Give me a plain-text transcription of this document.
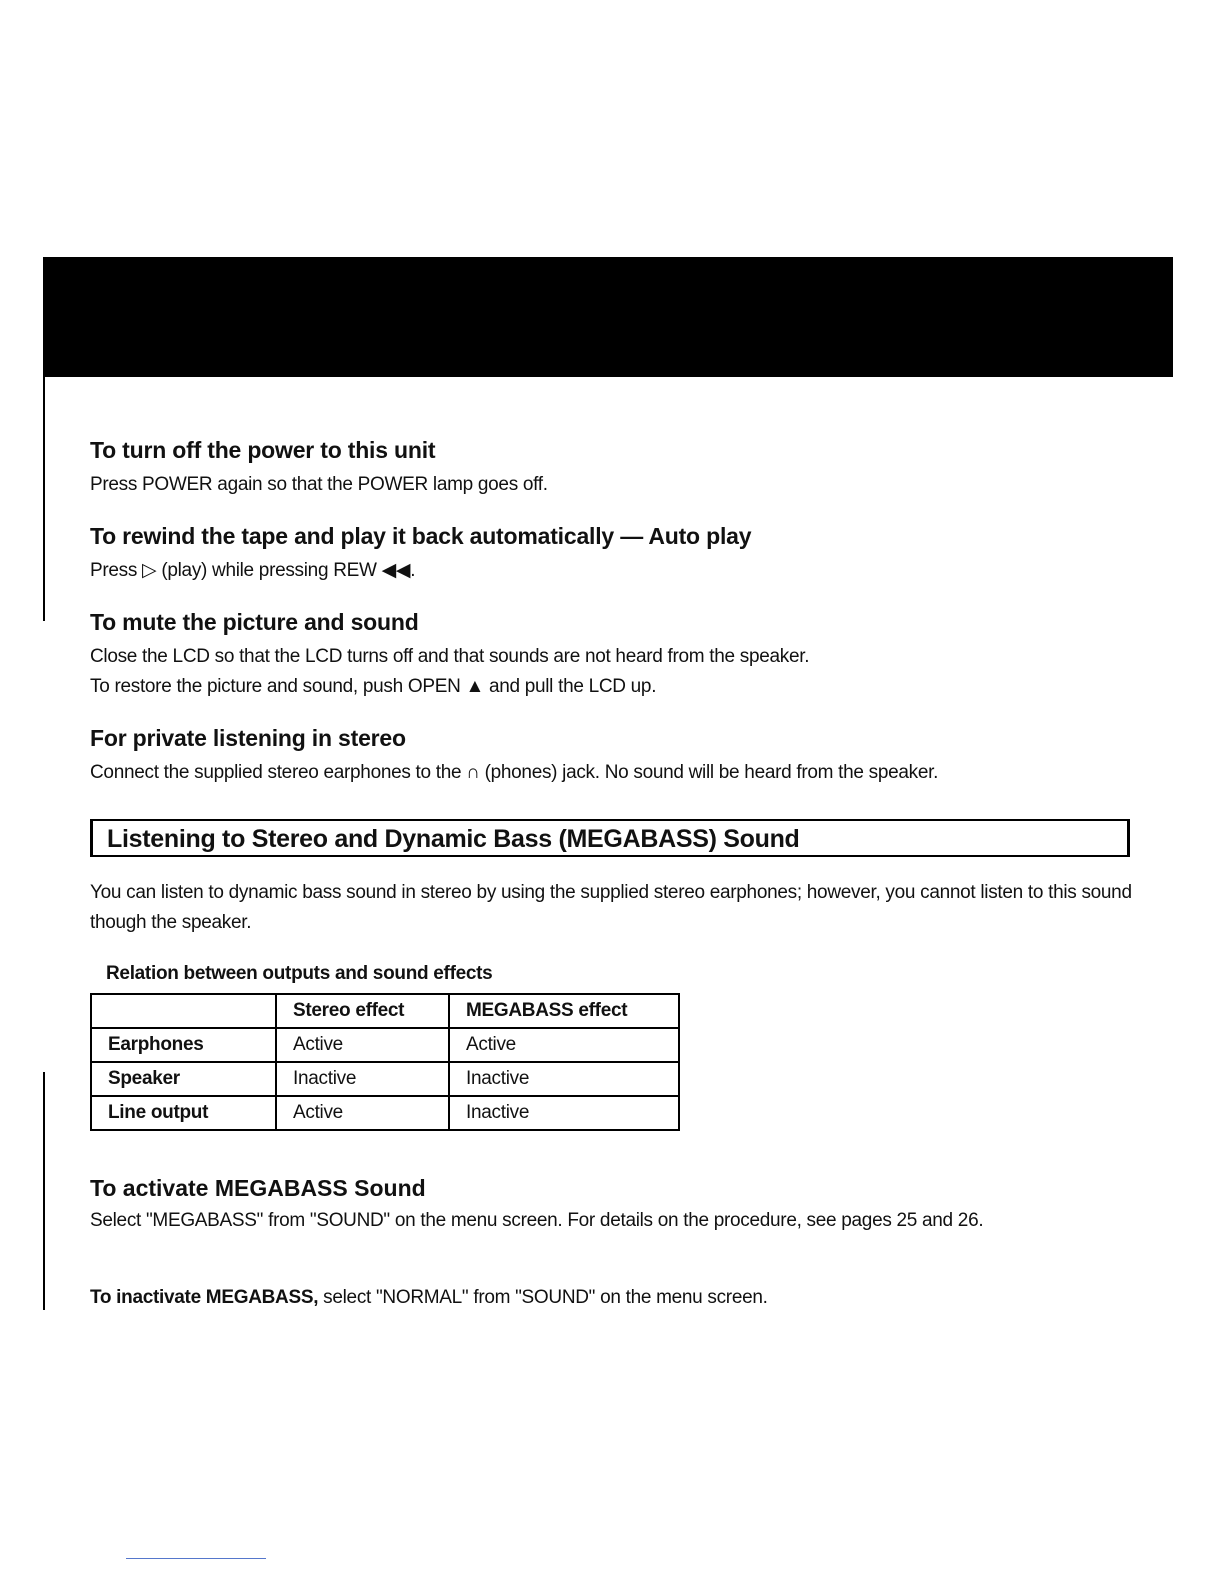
To turn off the power to this unit

Press POWER again so that the POWER lamp goes off.

To rewind the tape and play it back automatically — Auto play

Press ▷ (play) while pressing REW ◀◀.

To mute the picture and sound

Close the LCD so that the LCD turns off and that sounds are not heard from the speaker.

To restore the picture and sound, push OPEN ▲ and pull the LCD up.

For private listening in stereo

Connect the supplied stereo earphones to the ∩ (phones) jack. No sound will be heard from the speaker.

Listening to Stereo and Dynamic Bass (MEGABASS) Sound

You can listen to dynamic bass sound in stereo by using the supplied stereo earphones; however, you cannot listen to this sound though the speaker.

Relation between outputs and sound effects
	Stereo effect	MEGABASS effect
Earphones	Active	Active
Speaker	Inactive	Inactive
Line output	Active	Inactive
To activate MEGABASS Sound

Select "MEGABASS" from "SOUND" on the menu screen. For details on the procedure, see pages 25 and 26.

To inactivate MEGABASS, select "NORMAL" from "SOUND" on the menu screen.
